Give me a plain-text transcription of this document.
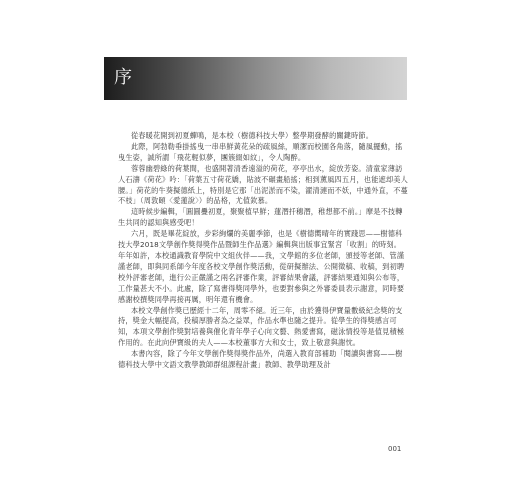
序

從春暖花開到初夏蟬鳴，是本校（樹德科技大學）整學期發酵的關鍵時節。

此際，阿勃勒垂掛搖曳一串串鮮黃花朵的疏風絲，順潔而校園各角落，隨風擺動，搖曳生姿，誠所謂「飛花輕似夢，團簇綴如紋」，令人陶醉。

蓉蓉幽碧綠的荷葉間，也盛開著清香遠溢的荷花，亭亭出水，綻放芳姿。清童家薄訪人石濤《荷花》吟：「荷葉五寸荷花嬌，貼波不碾畫船搖；相到薰風四五月，也能遮却美人腰。」荷花的牛葵擬德紙上，特別是它那「出泥淤而不染，濯清漣而不妖，中通外直，不蔓不枝」（周敦頤〈愛蓮說〉）的品格，尤值欽慕。

這時候步編輯，「圓圓疊初夏，聚聚植早鮮；蓮潛扦穗潛，稚想都不前。」摩是不技轉生共同的認知與感受吧！

六月，既是畢花綻放，步彩絢爛的美麗季節，也是《樹德嚮晴年的實踐思——樹德科技大學2018文學創作獎得獎作品暨師生作品選》編輯與出版事宜緊宮「收割」的時刻。年年如許，本校通識教育學院中文組伙伴——我，文學館的多位老師，頒授等老師、管謹謹老師，即與同系師今年度各校文學創作獎活動，從研擬辦法、公開徵稿、收稿，到初聘校外評審老師，進行公正嚴謹之兩名評審作業，評審結果會議，評審結果通知與公布等，工作量甚大不小。此處，除了寫書得獎同學外，也要對參與之外審委員表示謝意，同時要感謝校撰獎同學再接再厲，明年還有機會。

本校文學創作獎已歷經十二年，周零不絕。近三年，由於獲得伊寶量數級紀念獎的支持，獎金大幅提高，投稿厚勝者為之益眾，作品水準也隨之提升。從學生的得獎感言可知，本項文學創作獎對培養與催化青年學子心向文藝、熱愛書寫，磁泳情投等是值見積極作用的。在此向伊寶級的夫人——本校董事方大和女士，致上敬意與謝忱。

本書內容，除了今年文學創作獎得獎作品外，尚選入教育部補助「閱讀與書寫——樹德科技大學中文語文教學教師群組課程計畫」教師、教學助理及計

001
